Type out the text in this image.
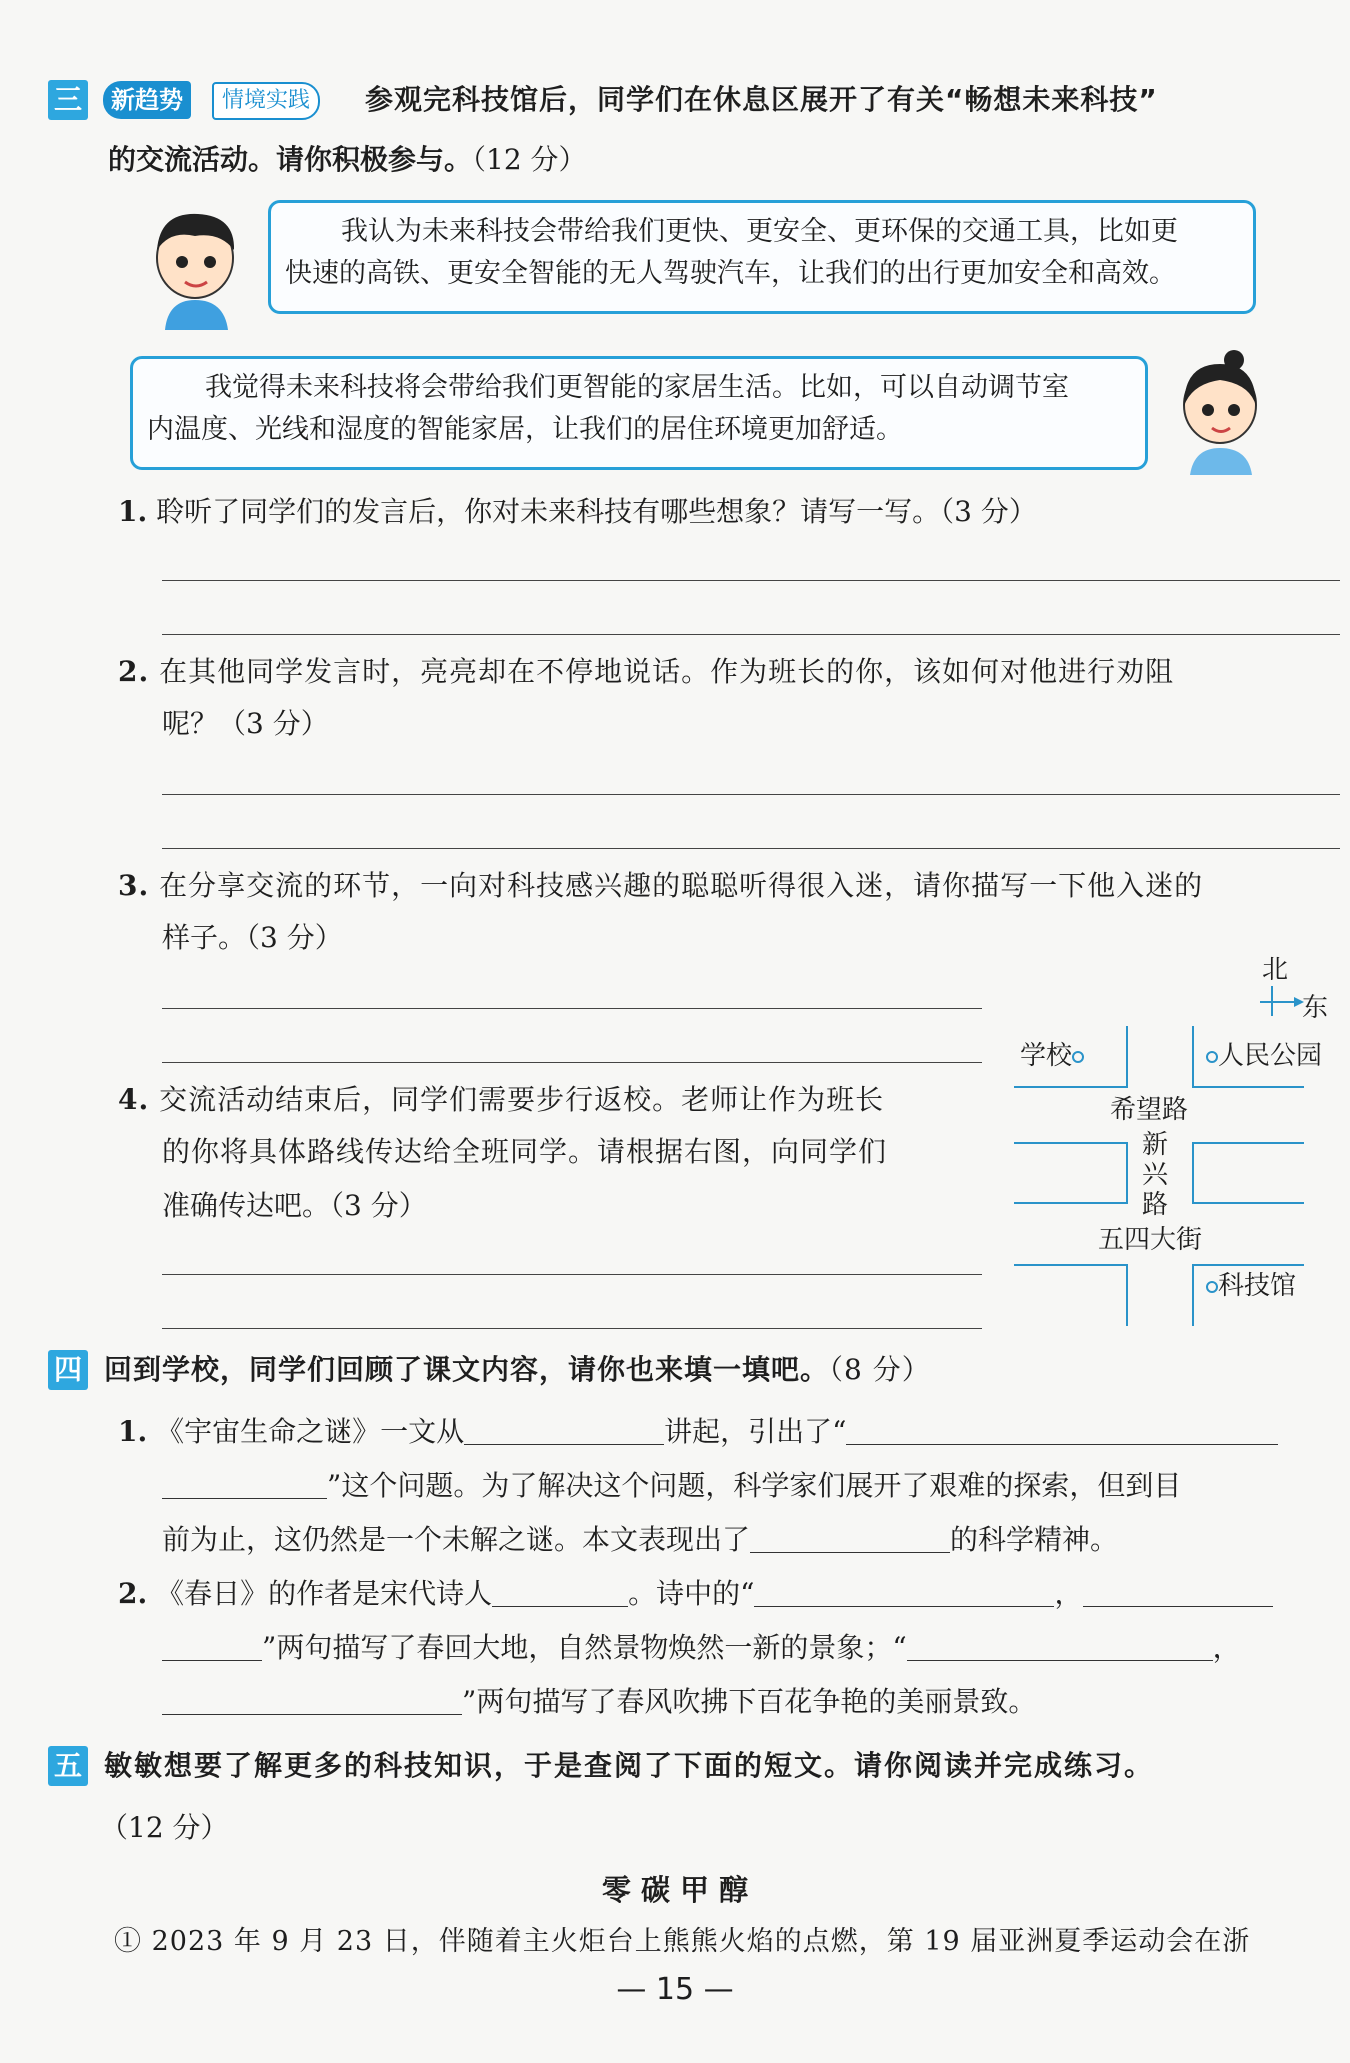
三	新趋势	情境实践	参观完科技馆后，同学们在休息区展开了有关“畅想未来科技”
的交流活动。请你积极参与。（12 分）
我认为未来科技会带给我们更快、更安全、更环保的交通工具，比如更
快速的高铁、更安全智能的无人驾驶汽车，让我们的出行更加安全和高效。
我觉得未来科技将会带给我们更智能的家居生活。比如，可以自动调节室
内温度、光线和湿度的智能家居，让我们的居住环境更加舒适。
1. 聆听了同学们的发言后，你对未来科技有哪些想象？请写一写。（3 分）
2. 在其他同学发言时，亮亮却在不停地说话。作为班长的你，该如何对他进行劝阻
呢？（3 分）
3. 在分享交流的环节，一向对科技感兴趣的聪聪听得很入迷，请你描写一下他入迷的
样子。（3 分）
4. 交流活动结束后，同学们需要步行返校。老师让作为班长
的你将具体路线传达给全班同学。请根据右图，向同学们
准确传达吧。（3 分）
北
东
学校	人民公园
希望路
新兴路
五四大街
科技馆
四 回到学校，同学们回顾了课文内容，请你也来填一填吧。（8 分）
1. 《宇宙生命之谜》一文从	讲起，引出了“
”这个问题。为了解决这个问题，科学家们展开了艰难的探索，但到目
前为止，这仍然是一个未解之谜。本文表现出了	的科学精神。
2. 《春日》的作者是宋代诗人	。诗中的“	，
”两句描写了春回大地，自然景物焕然一新的景象；“	，
”两句描写了春风吹拂下百花争艳的美丽景致。
五 敏敏想要了解更多的科技知识，于是查阅了下面的短文。请你阅读并完成练习。
（12 分）
零 碳 甲 醇
① 2023 年 9 月 23 日，伴随着主火炬台上熊熊火焰的点燃，第 19 届亚洲夏季运动会在浙
— 15 —
